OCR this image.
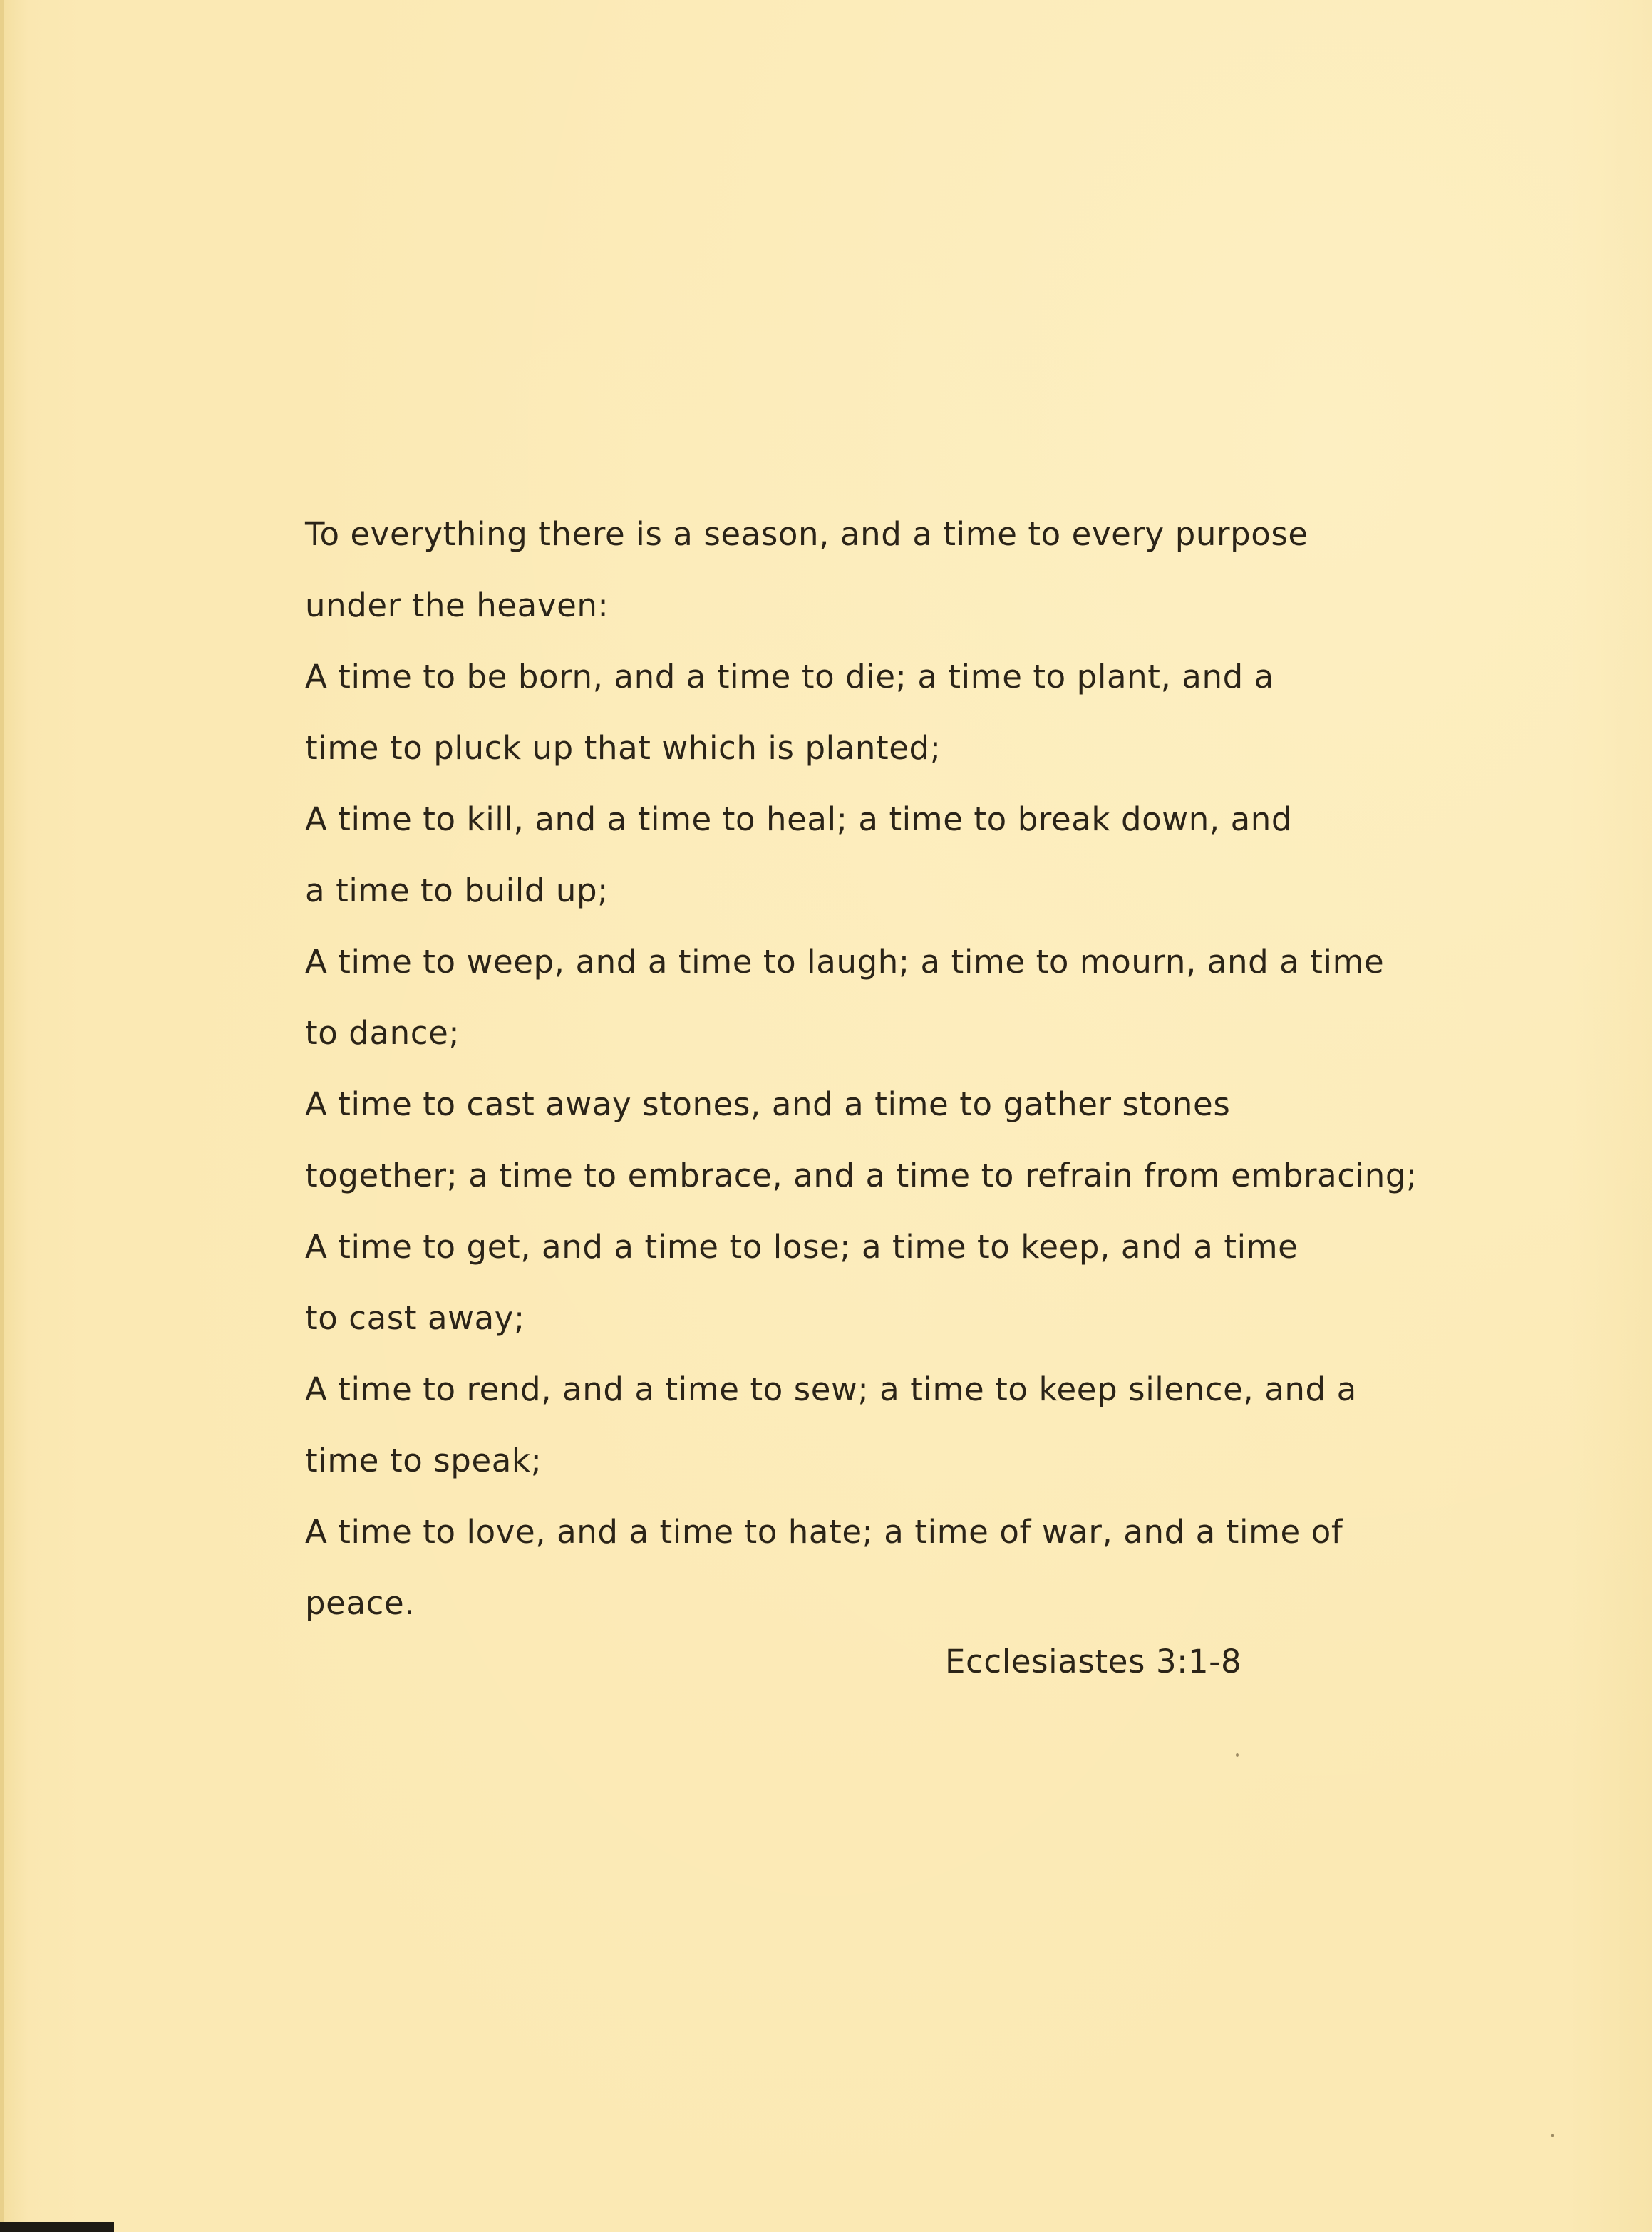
To everything there is a season, and a time to every purpose
under the heaven:
A time to be born, and a time to die; a time to plant, and a
time to pluck up that which is planted;
A time to kill, and a time to heal; a time to break down, and
a time to build up;
A time to weep, and a time to laugh; a time to mourn, and a time
to dance;
A time to cast away stones, and a time to gather stones
together; a time to embrace, and a time to refrain from embracing;
A time to get, and a time to lose; a time to keep, and a time
to cast away;
A time to rend, and a time to sew; a time to keep silence, and a
time to speak;
A time to love, and a time to hate; a time of war, and a time of
peace.
Ecclesiastes 3:1-8
